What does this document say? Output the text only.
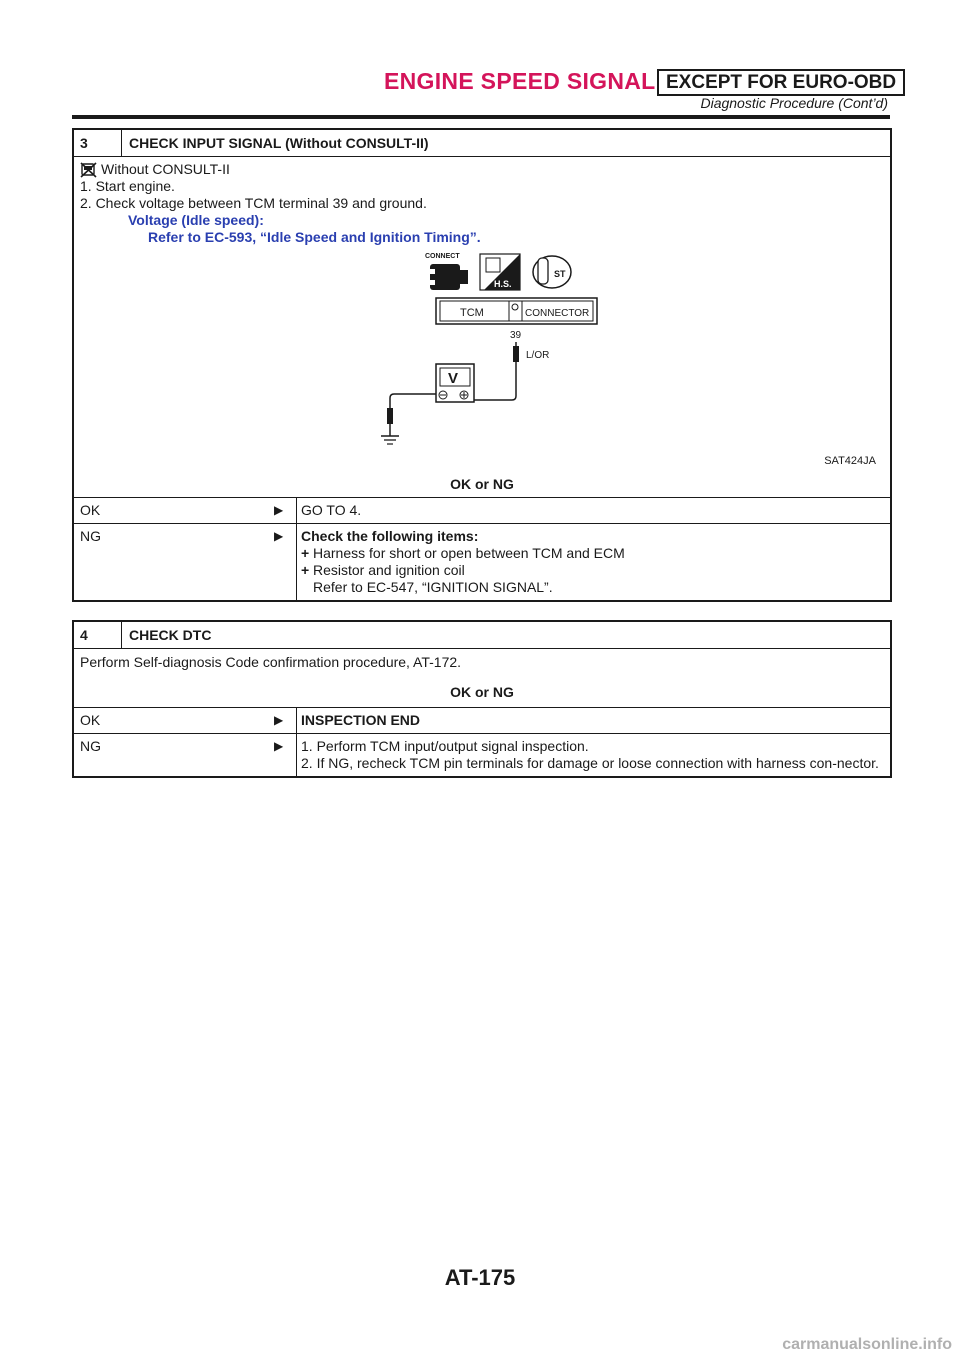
ENGINE SPEED SIGNAL EXCEPT FOR EURO-OBD
Diagnostic Procedure (Cont’d)
3	CHECK INPUT SIGNAL (Without CONSULT-II)
Without CONSULT-II
1. Start engine.
2. Check voltage between TCM terminal 39 and ground.
Voltage (Idle speed):
Refer to EC-593, “Idle Speed and Ignition Timing”.
CONNECT
H.S.
ST
TCM	CONNECTOR
39
L/OR
V
SAT424JA
OK or NG
OK	▶	GO TO 4.
NG	▶	Check the following items:
+ Harness for short or open between TCM and ECM
+ Resistor and ignition coil
Refer to EC-547, “IGNITION SIGNAL”.
4	CHECK DTC
Perform Self-diagnosis Code confirmation procedure, AT-172.
OK or NG
OK	▶	INSPECTION END
NG	▶	1. Perform TCM input/output signal inspection.
2. If NG, recheck TCM pin terminals for damage or loose connection with harness con-nector.
AT-175
carmanualsonline.info
